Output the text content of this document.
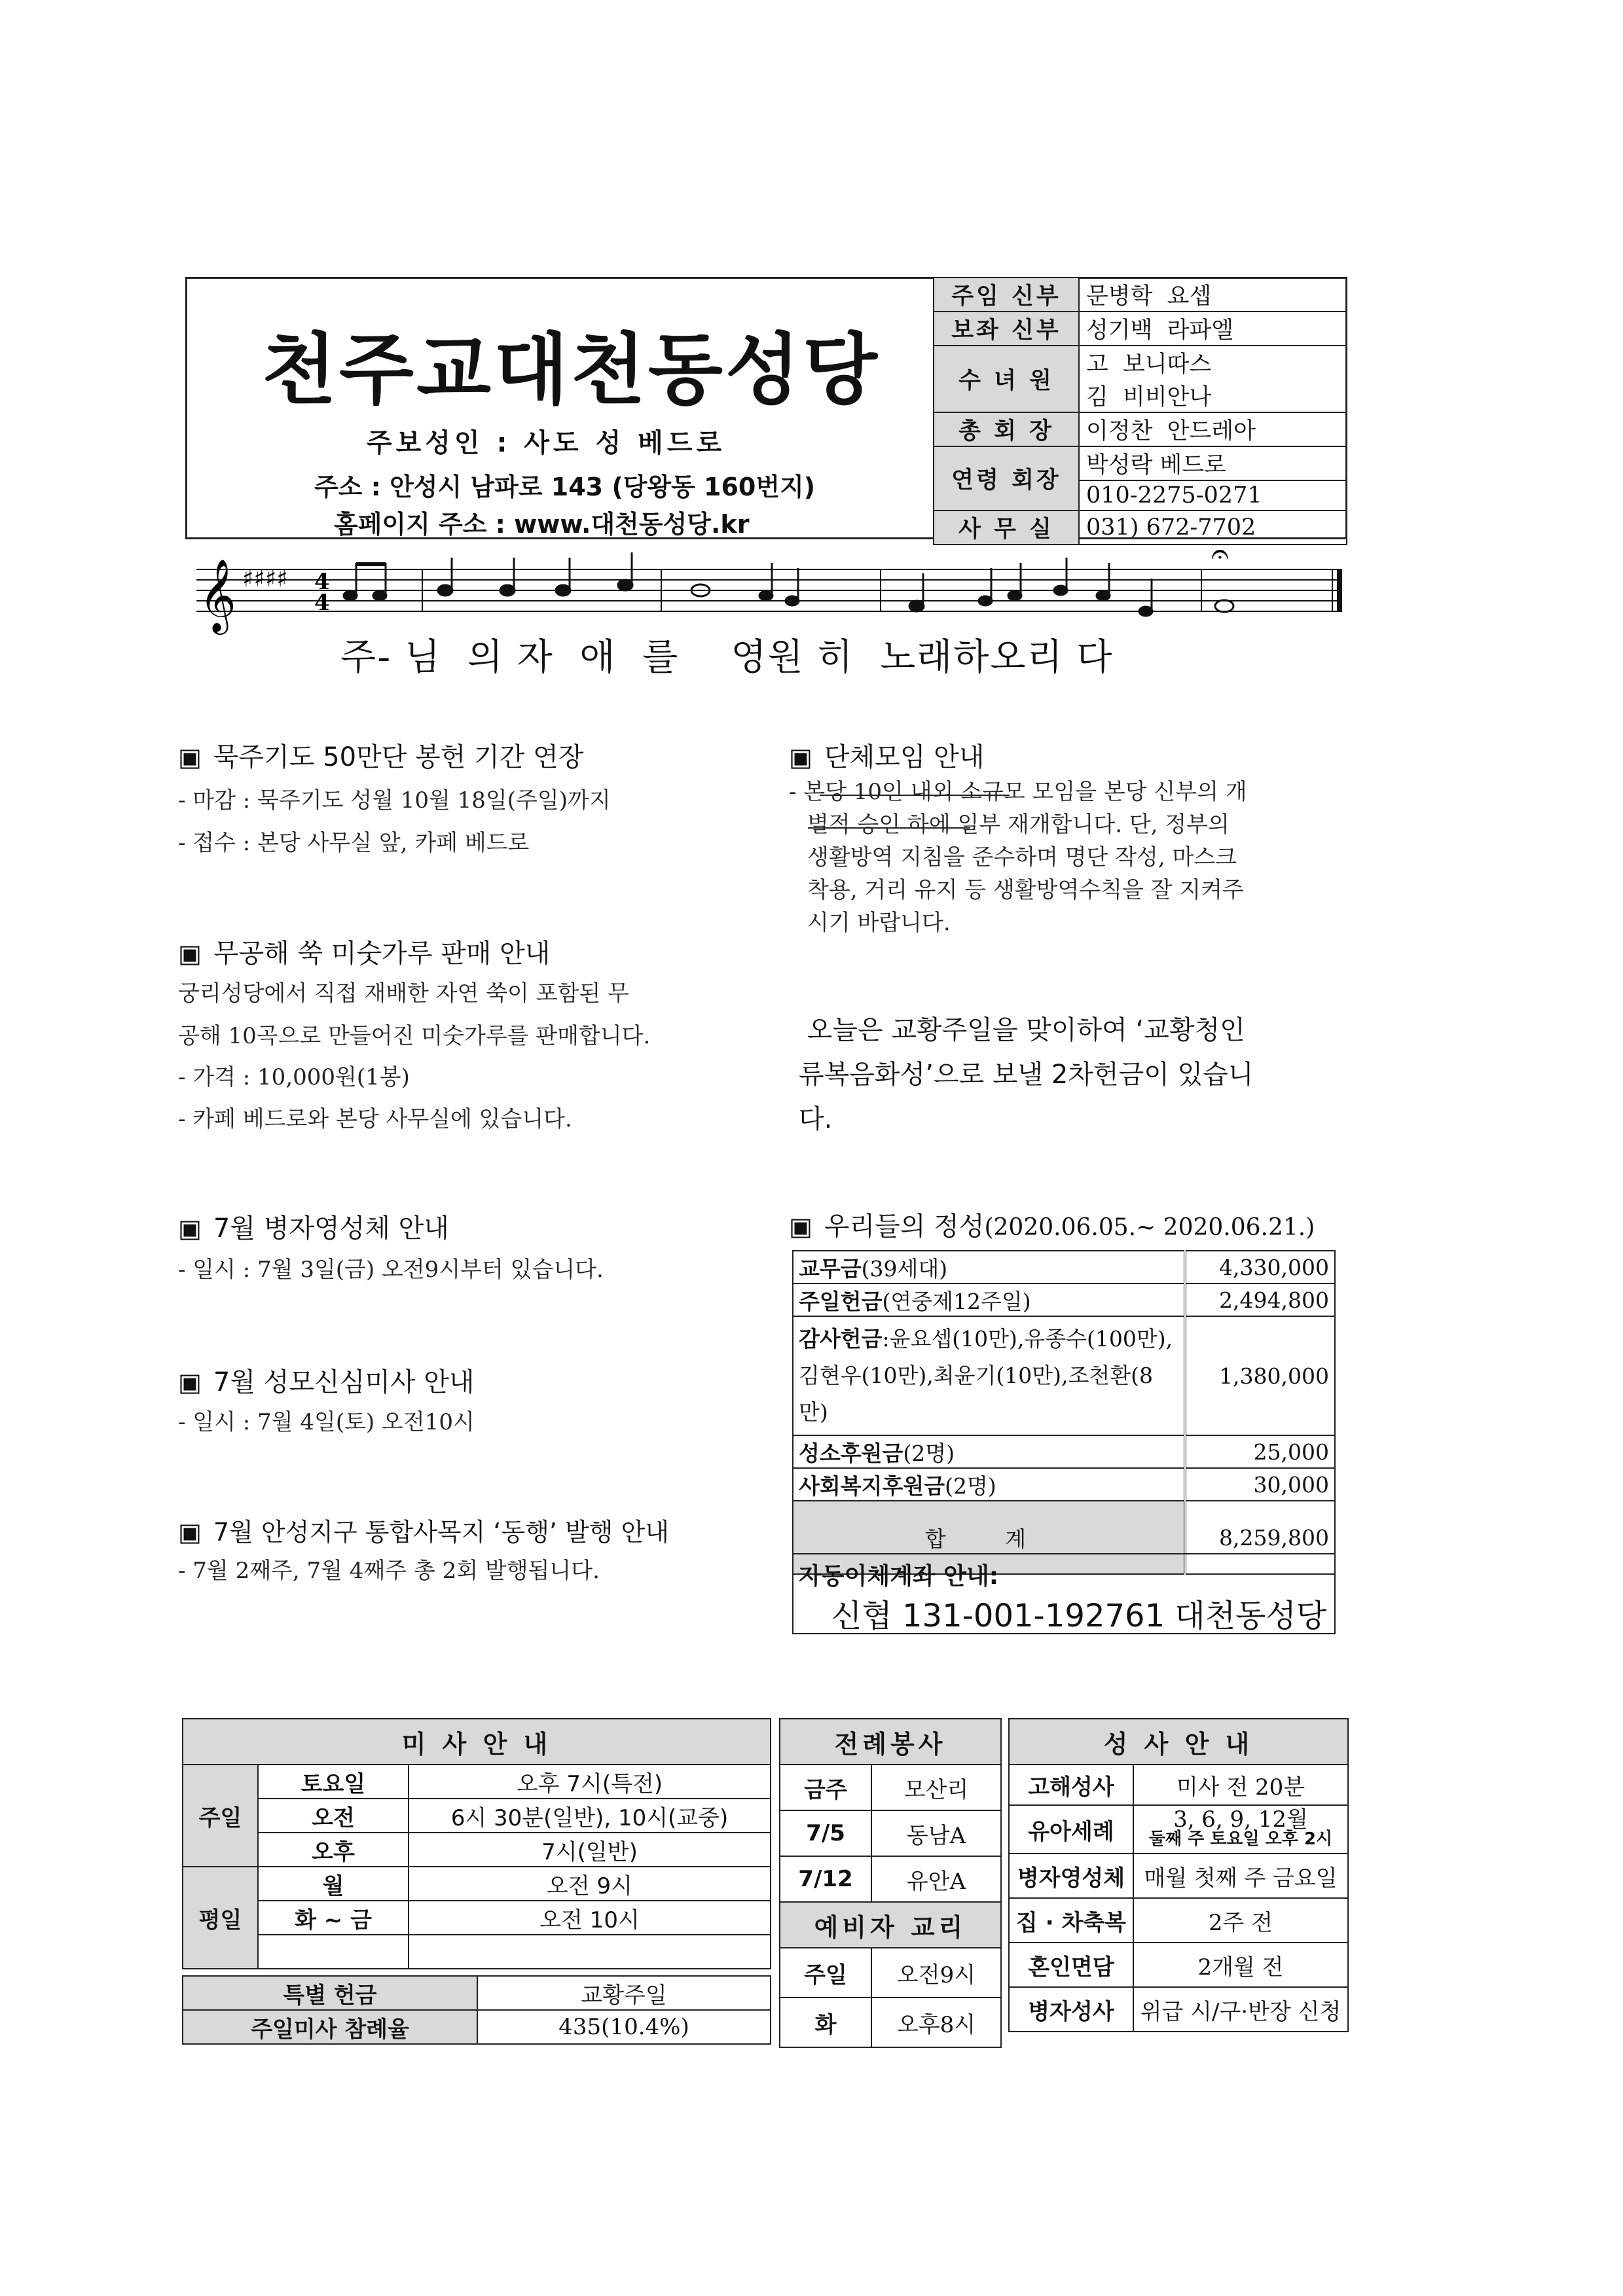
천주교대천동성당
주보성인 : 사도 성 베드로
주소 : 안성시 남파로 143 (당왕동 160번지)
홈페이지 주소 : www.대천동성당.kr
주임 신부	문병학  요셉
보좌 신부	성기백  라파엘
수 녀 원	고  보니따스
	김  비비안나
총 회 장	이정찬  안드레아
연령 회장	박성락 베드로
	010-2275-0271
사 무 실	031) 672-7702
𝄞 ♯♯♯♯ 4
4
𝄐
주- 님  의 자  애  를    영원 히  노래하오리 다
▣ 묵주기도 50만단 봉헌 기간 연장
- 마감 : 묵주기도 성월 10월 18일(주일)까지
- 접수 : 본당 사무실 앞, 카페 베드로
▣ 무공해 쑥 미숫가루 판매 안내
궁리성당에서 직접 재배한 자연 쑥이 포함된 무
공해 10곡으로 만들어진 미숫가루를 판매합니다.
- 가격 : 10,000원(1봉)
- 카페 베드로와 본당 사무실에 있습니다.
▣ 7월 병자영성체 안내
- 일시 : 7월 3일(금) 오전9시부터 있습니다.
▣ 7월 성모신심미사 안내
- 일시 : 7월 4일(토) 오전10시
▣ 7월 안성지구 통합사목지 ‘동행’ 발행 안내
- 7월 2째주, 7월 4째주 총 2회 발행됩니다.
▣ 단체모임 안내
- 본당 10인 내외 소규모 모임을 본당 신부의 개
별적 승인 하에 일부 재개합니다. 단, 정부의
생활방역 지침을 준수하며 명단 작성, 마스크
착용, 거리 유지 등 생활방역수칙을 잘 지켜주
시기 바랍니다.
오늘은 교황주일을 맞이하여 ‘교황청인
류복음화성’으로 보낼 2차헌금이 있습니
다.
▣ 우리들의 정성(2020.06.05.~ 2020.06.21.)
교무금(39세대)	4,330,000
주일헌금(연중제12주일)	2,494,800
감사헌금:윤요셉(10만),유종수(100만),김현우(10만),최윤기(10만),조천환(8만)	1,380,000
성소후원금(2명)	25,000
사회복지후원금(2명)	30,000
합 계	8,259,800
자동이체계좌 안내:
신협 131-001-192761 대천동성당
미 사 안 내		
주일	토요일	오후 7시(특전)
	오전	6시 30분(일반), 10시(교중)
	오후	7시(일반)
평일	월	오전 9시
	화 ~ 금	오전 10시

특별 헌금	교황주일
주일미사 참례율	435(10.4%)
전례봉사	
금주	모산리
7/5	동남A
7/12	유안A
예비자 교리	
주일	오전9시
화	오후8시
성 사 안 내	
고해성사	미사 전 20분
유아세례	3, 6, 9, 12월
둘째 주 토요일 오후 2시

병자영성체	매월 첫째 주 금요일
집 · 차축복	2주 전
혼인면담	2개월 전
병자성사	위급 시/구·반장 신청
